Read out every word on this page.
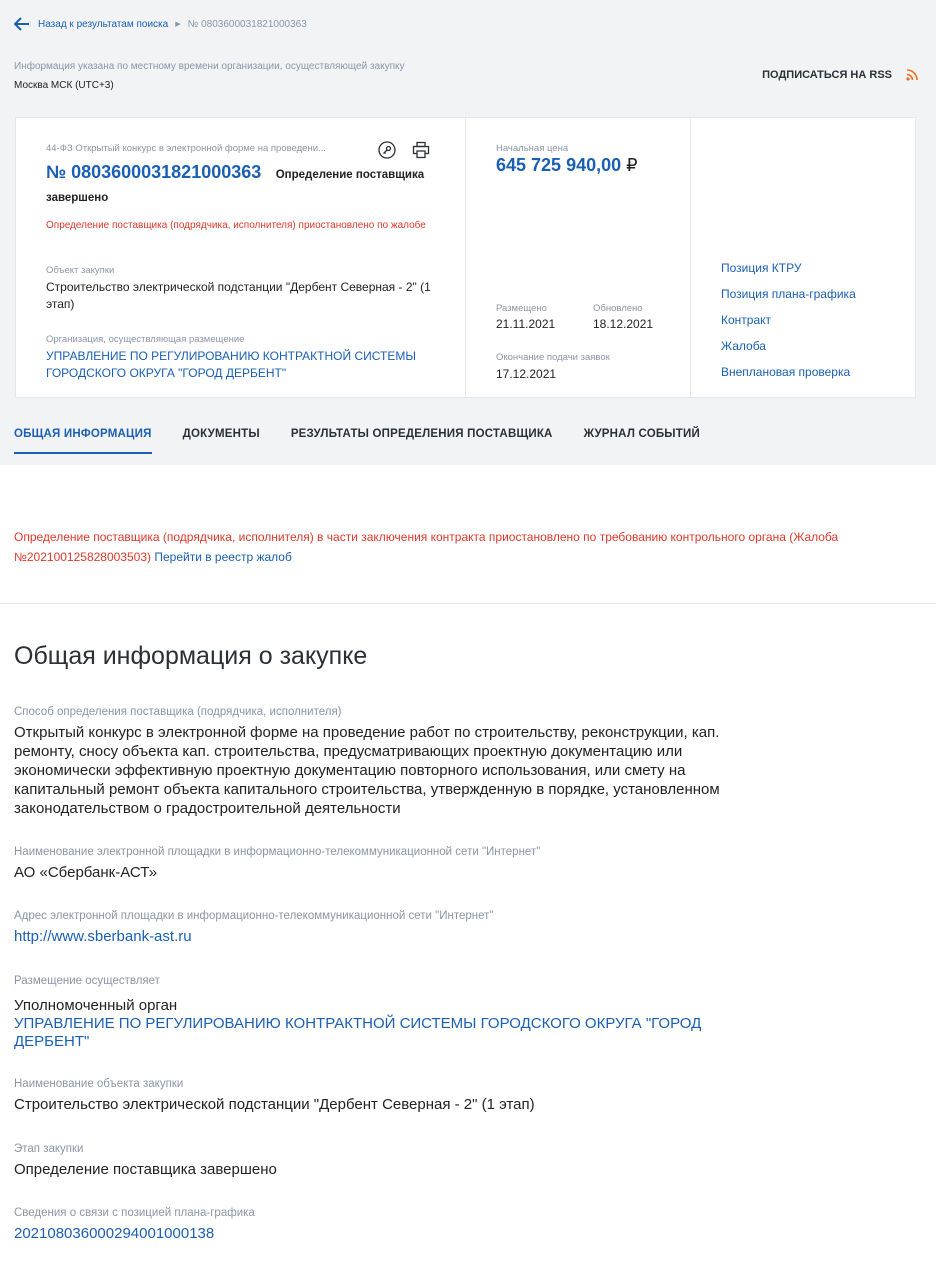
Назад к результатам поиска ▶ № 0803600031821000363
Информация указана по местному времени организации, осуществляющей закупку
Москва МСК (UTC+3)
ПОДПИСАТЬСЯ НА RSS
44-ФЗ Открытый конкурс в электронной форме на проведени...
№ 0803600031821000363 Определение поставщика завершено
Определение поставщика (подрядчика, исполнителя) приостановлено по жалобе
Объект закупки
Строительство электрической подстанции "Дербент Северная - 2" (1 этап)
Организация, осуществляющая размещение
УПРАВЛЕНИЕ ПО РЕГУЛИРОВАНИЮ КОНТРАКТНОЙ СИСТЕМЫ ГОРОДСКОГО ОКРУГА "ГОРОД ДЕРБЕНТ"
Начальная цена
645 725 940,00 ₽
Размещено
21.11.2021
Обновлено
18.12.2021
Окончание подачи заявок
17.12.2021
Позиция КТРУ
Позиция плана-графика
Контракт
Жалоба
Внеплановая проверка
ОБЩАЯ ИНФОРМАЦИЯ	ДОКУМЕНТЫ	РЕЗУЛЬТАТЫ ОПРЕДЕЛЕНИЯ ПОСТАВЩИКА	ЖУРНАЛ СОБЫТИЙ
Определение поставщика (подрядчика, исполнителя) в части заключения контракта приостановлено по требованию контрольного органа (Жалоба №202100125828003503) Перейти в реестр жалоб
Общая информация о закупке
Способ определения поставщика (подрядчика, исполнителя)
Открытый конкурс в электронной форме на проведение работ по строительству, реконструкции, кап. ремонту, сносу объекта кап. строительства, предусматривающих проектную документацию или экономически эффективную проектную документацию повторного использования, или смету на капитальный ремонт объекта капитального строительства, утвержденную в порядке, установленном законодательством о градостроительной деятельности
Наименование электронной площадки в информационно-телекоммуникационной сети "Интернет"
АО «Сбербанк-АСТ»
Адрес электронной площадки в информационно-телекоммуникационной сети "Интернет"
http://www.sberbank-ast.ru
Размещение осуществляет
Уполномоченный орган
УПРАВЛЕНИЕ ПО РЕГУЛИРОВАНИЮ КОНТРАКТНОЙ СИСТЕМЫ ГОРОДСКОГО ОКРУГА "ГОРОД ДЕРБЕНТ"
Наименование объекта закупки
Строительство электрической подстанции "Дербент Северная - 2" (1 этап)
Этап закупки
Определение поставщика завершено
Сведения о связи с позицией плана-графика
202108036000294001000138
